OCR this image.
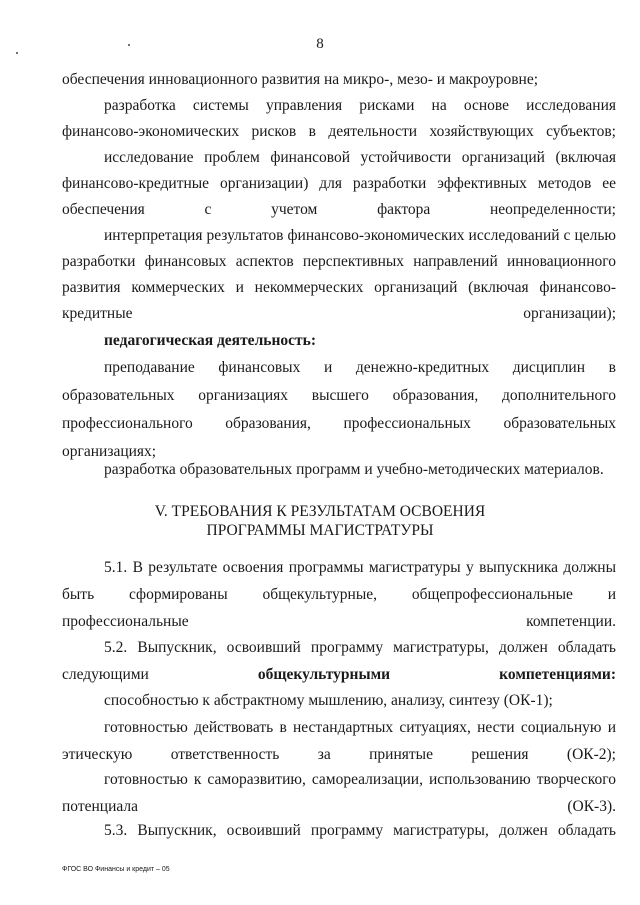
8

обеспечения инновационного развития на микро-, мезо- и макроуровне;

разработка системы управления рисками на основе исследования финансово-экономических рисков в деятельности хозяйствующих субъектов;

исследование проблем финансовой устойчивости организаций (включая финансово-кредитные организации) для разработки эффективных методов ее обеспечения с учетом фактора неопределенности;

интерпретация результатов финансово-экономических исследований с целью разработки финансовых аспектов перспективных направлений инновационного развития коммерческих и некоммерческих организаций (включая финансово-кредитные организации);

педагогическая деятельность:

преподавание финансовых и денежно-кредитных дисциплин в образовательных организациях высшего образования, дополнительного профессионального образования, профессиональных образовательных организациях;

разработка образовательных программ и учебно-методических материалов.

V. ТРЕБОВАНИЯ К РЕЗУЛЬТАТАМ ОСВОЕНИЯ

ПРОГРАММЫ МАГИСТРАТУРЫ

5.1. В результате освоения программы магистратуры у выпускника должны быть сформированы общекультурные, общепрофессиональные и профессиональные компетенции.

5.2. Выпускник, освоивший программу магистратуры, должен обладать следующими общекультурными компетенциями:

способностью к абстрактному мышлению, анализу, синтезу (ОК-1);

готовностью действовать в нестандартных ситуациях, нести социальную и этическую ответственность за принятые решения (ОК-2);

готовностью к саморазвитию, самореализации, использованию творческого потенциала (ОК-3).

5.3. Выпускник, освоивший программу магистратуры, должен обладать

ФГОС ВО Финансы и кредит – 05
